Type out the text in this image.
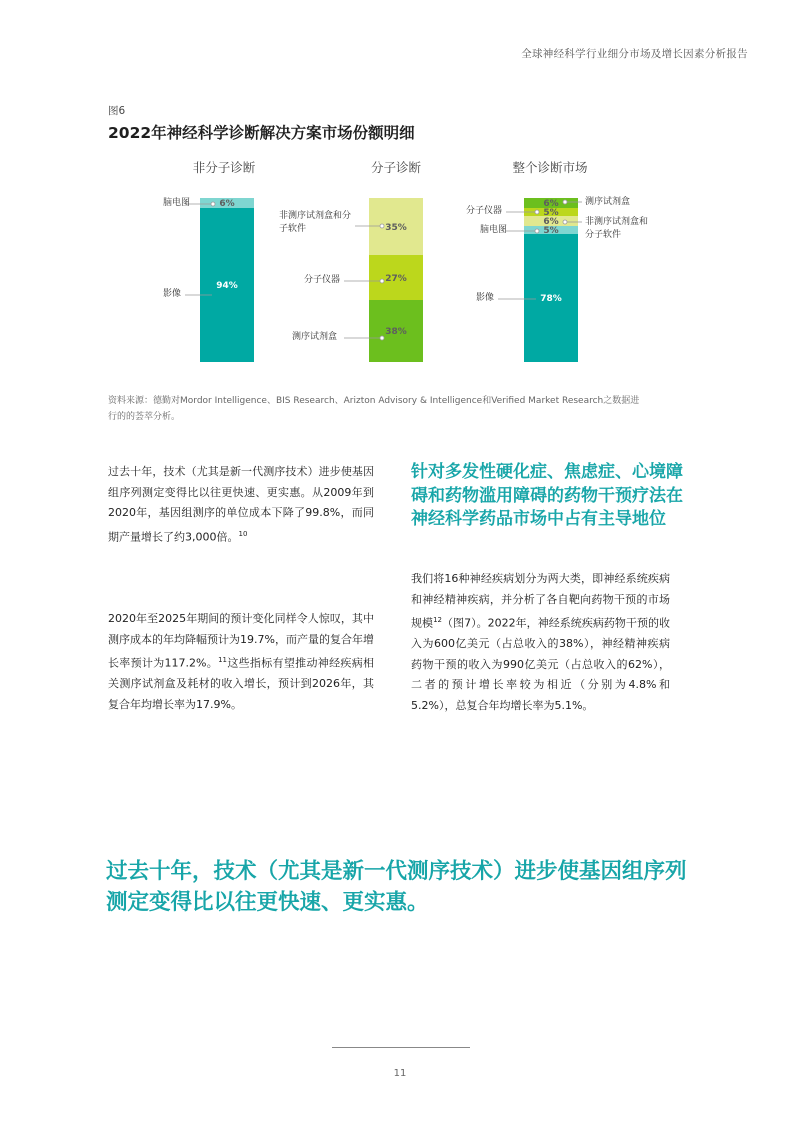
全球神经科学行业细分市场及增长因素分析报告
图6
2022年神经科学诊断解决方案市场份额明细
非分子诊断	分子诊断	整个诊断市场
94%
6%
38%
27%
35%
78%
5%
6%
5%
6%
脑电图
影像
非测序试剂盒和分
子软件
分子仪器
测序试剂盒
分子仪器
脑电图
影像
测序试剂盒
非测序试剂盒和
分子软件
资料来源：德勤对Mordor Intelligence、BIS Research、Arizton Advisory & Intelligence和Verified Market Research之数据进行的的荟萃分析。
过去十年，技术（尤其是新一代测序技术）进步使基因组序列测定变得比以往更快速、更实惠。从2009年到2020年，基因组测序的单位成本下降了99.8%，而同期产量增长了约3,000倍。$^{10}$
2020年至2025年期间的预计变化同样令人惊叹，其中测序成本的年均降幅预计为19.7%，而产量的复合年增长率预计为117.2%。$^{11}$这些指标有望推动神经疾病相关测序试剂盒及耗材的收入增长，预计到2026年，其复合年均增长率为17.9%。
针对多发性硬化症、焦虑症、心境障碍和药物滥用障碍的药物干预疗法在神经科学药品市场中占有主导地位
我们将16种神经疾病划分为两大类，即神经系统疾病和神经精神疾病，并分析了各自靶向药物干预的市场规模$^{12}$（图7）。2022年，神经系统疾病药物干预的收入为600亿美元（占总收入的38%），神经精神疾病药物干预的收入为990亿美元（占总收入的62%），二者的预计增长率较为相近（分别为4.8%和5.2%），总复合年均增长率为5.1%。
过去十年，技术（尤其是新一代测序技术）进步使基因组序列测定变得比以往更快速、更实惠。
11
